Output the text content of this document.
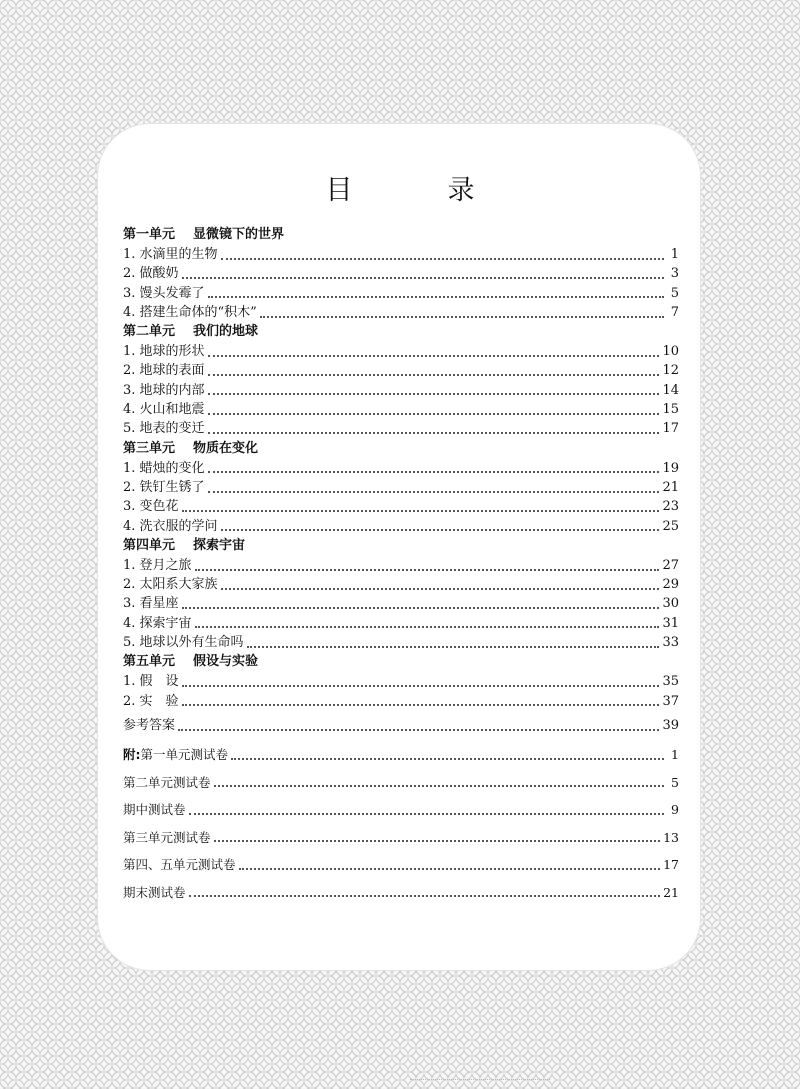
目　录
第一单元 显微镜下的世界
1. 水滴里的生物	1
2. 做酸奶	3
3. 馒头发霉了	5
4. 搭建生命体的“积木”	7
第二单元 我们的地球
1. 地球的形状	10
2. 地球的表面	12
3. 地球的内部	14
4. 火山和地震	15
5. 地表的变迁	17
第三单元 物质在变化
1. 蜡烛的变化	19
2. 铁钉生锈了	21
3. 变色花	23
4. 洗衣服的学问	25
第四单元 探索宇宙
1. 登月之旅	27
2. 太阳系大家族	29
3. 看星座	30
4. 探索宇宙	31
5. 地球以外有生命吗	33
第五单元 假设与实验
1. 假　设	35
2. 实　验	37
参考答案	39
附:第一单元测试卷	1
第二单元测试卷	5
期中测试卷	9
第三单元测试卷	13
第四、五单元测试卷	17
期末测试卷	21
